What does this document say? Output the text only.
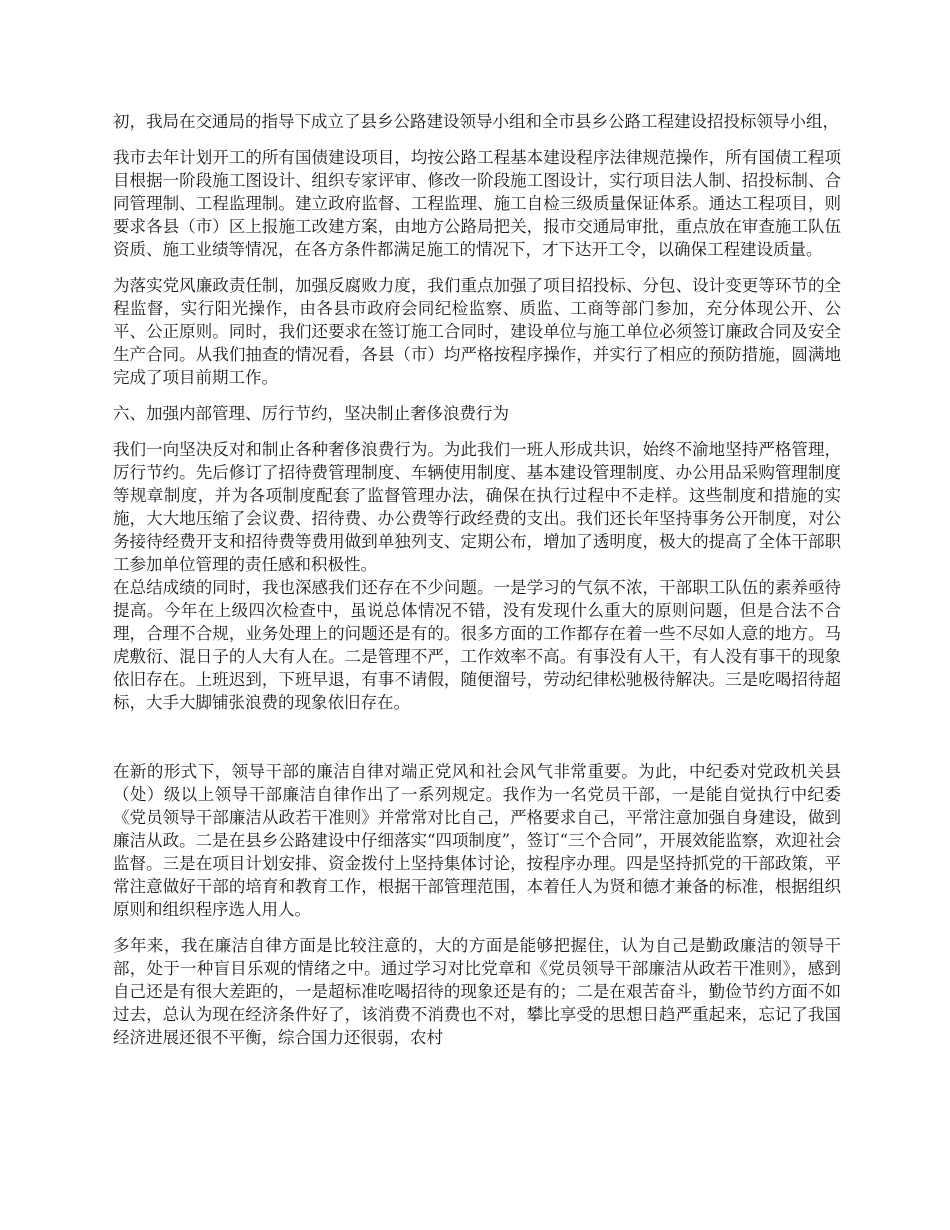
初，我局在交通局的指导下成立了县乡公路建设领导小组和全市县乡公路工程建设招投标领导小组，

我市去年计划开工的所有国债建设项目，均按公路工程基本建设程序法律规范操作，所有国债工程项目根据一阶段施工图设计、组织专家评审、修改一阶段施工图设计，实行项目法人制、招投标制、合同管理制、工程监理制。建立政府监督、工程监理、施工自检三级质量保证体系。通达工程项目，则要求各县（市）区上报施工改建方案，由地方公路局把关，报市交通局审批，重点放在审查施工队伍资质、施工业绩等情况，在各方条件都满足施工的情况下，才下达开工令，以确保工程建设质量。

为落实党风廉政责任制，加强反腐败力度，我们重点加强了项目招投标、分包、设计变更等环节的全程监督，实行阳光操作，由各县市政府会同纪检监察、质监、工商等部门参加，充分体现公开、公平、公正原则。同时，我们还要求在签订施工合同时，建设单位与施工单位必须签订廉政合同及安全生产合同。从我们抽查的情况看，各县（市）均严格按程序操作，并实行了相应的预防措施，圆满地完成了项目前期工作。

六、加强内部管理、厉行节约，坚决制止奢侈浪费行为

我们一向坚决反对和制止各种奢侈浪费行为。为此我们一班人形成共识，始终不渝地坚持严格管理，厉行节约。先后修订了招待费管理制度、车辆使用制度、基本建设管理制度、办公用品采购管理制度等规章制度，并为各项制度配套了监督管理办法，确保在执行过程中不走样。这些制度和措施的实施，大大地压缩了会议费、招待费、办公费等行政经费的支出。我们还长年坚持事务公开制度，对公务接待经费开支和招待费等费用做到单独列支、定期公布，增加了透明度，极大的提高了全体干部职工参加单位管理的责任感和积极性。

在总结成绩的同时，我也深感我们还存在不少问题。一是学习的气氛不浓，干部职工队伍的素养亟待提高。今年在上级四次检查中，虽说总体情况不错，没有发现什么重大的原则问题，但是合法不合理，合理不合规，业务处理上的问题还是有的。很多方面的工作都存在着一些不尽如人意的地方。马虎敷衍、混日子的人大有人在。二是管理不严，工作效率不高。有事没有人干，有人没有事干的现象依旧存在。上班迟到，下班早退，有事不请假，随便溜号，劳动纪律松驰极待解决。三是吃喝招待超标，大手大脚铺张浪费的现象依旧存在。

在新的形式下，领导干部的廉洁自律对端正党风和社会风气非常重要。为此，中纪委对党政机关县（处）级以上领导干部廉洁自律作出了一系列规定。我作为一名党员干部，一是能自觉执行中纪委《党员领导干部廉洁从政若干准则》并常常对比自己，严格要求自己，平常注意加强自身建设，做到廉洁从政。二是在县乡公路建设中仔细落实“四项制度”，签订“三个合同”，开展效能监察，欢迎社会监督。三是在项目计划安排、资金拨付上坚持集体讨论，按程序办理。四是坚持抓党的干部政策，平常注意做好干部的培育和教育工作，根据干部管理范围，本着任人为贤和德才兼备的标准，根据组织原则和组织程序选人用人。

多年来，我在廉洁自律方面是比较注意的，大的方面是能够把握住，认为自己是勤政廉洁的领导干部，处于一种盲目乐观的情绪之中。通过学习对比党章和《党员领导干部廉洁从政若干准则》，感到自己还是有很大差距的，一是超标准吃喝招待的现象还是有的；二是在艰苦奋斗，勤俭节约方面不如过去，总认为现在经济条件好了，该消费不消费也不对，攀比享受的思想日趋严重起来，忘记了我国经济进展还很不平衡，综合国力还很弱，农村
